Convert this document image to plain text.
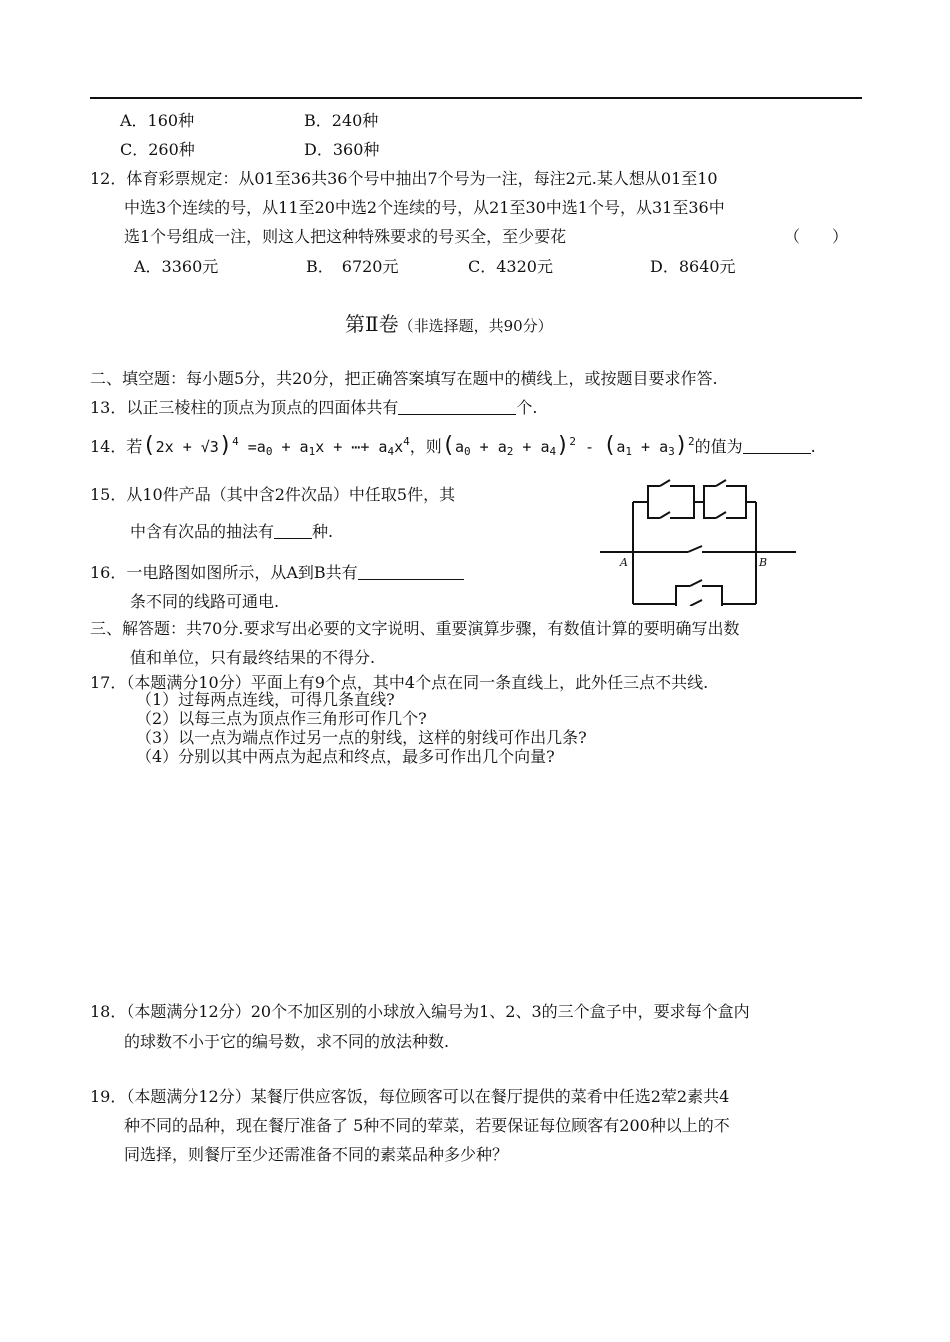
A．160种	B．240种
C．260种	D．360种
12．体育彩票规定：从01至36共36个号中抽出7个号为一注，每注2元.某人想从01至10
中选3个连续的号，从11至20中选2个连续的号，从21至30中选1个号，从31至36中
选1个号组成一注，则这人把这种特殊要求的号买全，至少要花	（　　）
A．3360元	B．　6720元	C．4320元	D．8640元
第Ⅱ卷（非选择题，共90分）
二、填空题：每小题5分，共20分，把正确答案填写在题中的横线上，或按题目要求作答.
13．以正三棱柱的顶点为顶点的四面体共有	个.
14．若$(2x + √3)^4 =a_0 + a_1x$ + ⋯+ $a_4x^4$，则$(a_0 + a_2 + a_4)^2 - (a_1 + a_3)^2$的值为	.
15．从10件产品（其中含2件次品）中任取5件，其
中含有次品的抽法有 种.
16．一电路图如图所示，从A到B共有
条不同的线路可通电.
A	B
三、解答题：共70分.要求写出必要的文字说明、重要演算步骤，有数值计算的要明确写出数
值和单位，只有最终结果的不得分.
17．（本题满分10分）平面上有9个点，其中4个点在同一条直线上，此外任三点不共线.
（1）过每两点连线，可得几条直线?
（2）以每三点为顶点作三角形可作几个?
（3）以一点为端点作过另一点的射线，这样的射线可作出几条?
（4）分别以其中两点为起点和终点，最多可作出几个向量?
18．（本题满分12分）20个不加区别的小球放入编号为1、2、3的三个盒子中，要求每个盒内
的球数不小于它的编号数，求不同的放法种数.
19．（本题满分12分）某餐厅供应客饭，每位顾客可以在餐厅提供的菜肴中任选2荤2素共4
种不同的品种，现在餐厅准备了 5种不同的荤菜，若要保证每位顾客有200种以上的不
同选择，则餐厅至少还需准备不同的素菜品种多少种？
